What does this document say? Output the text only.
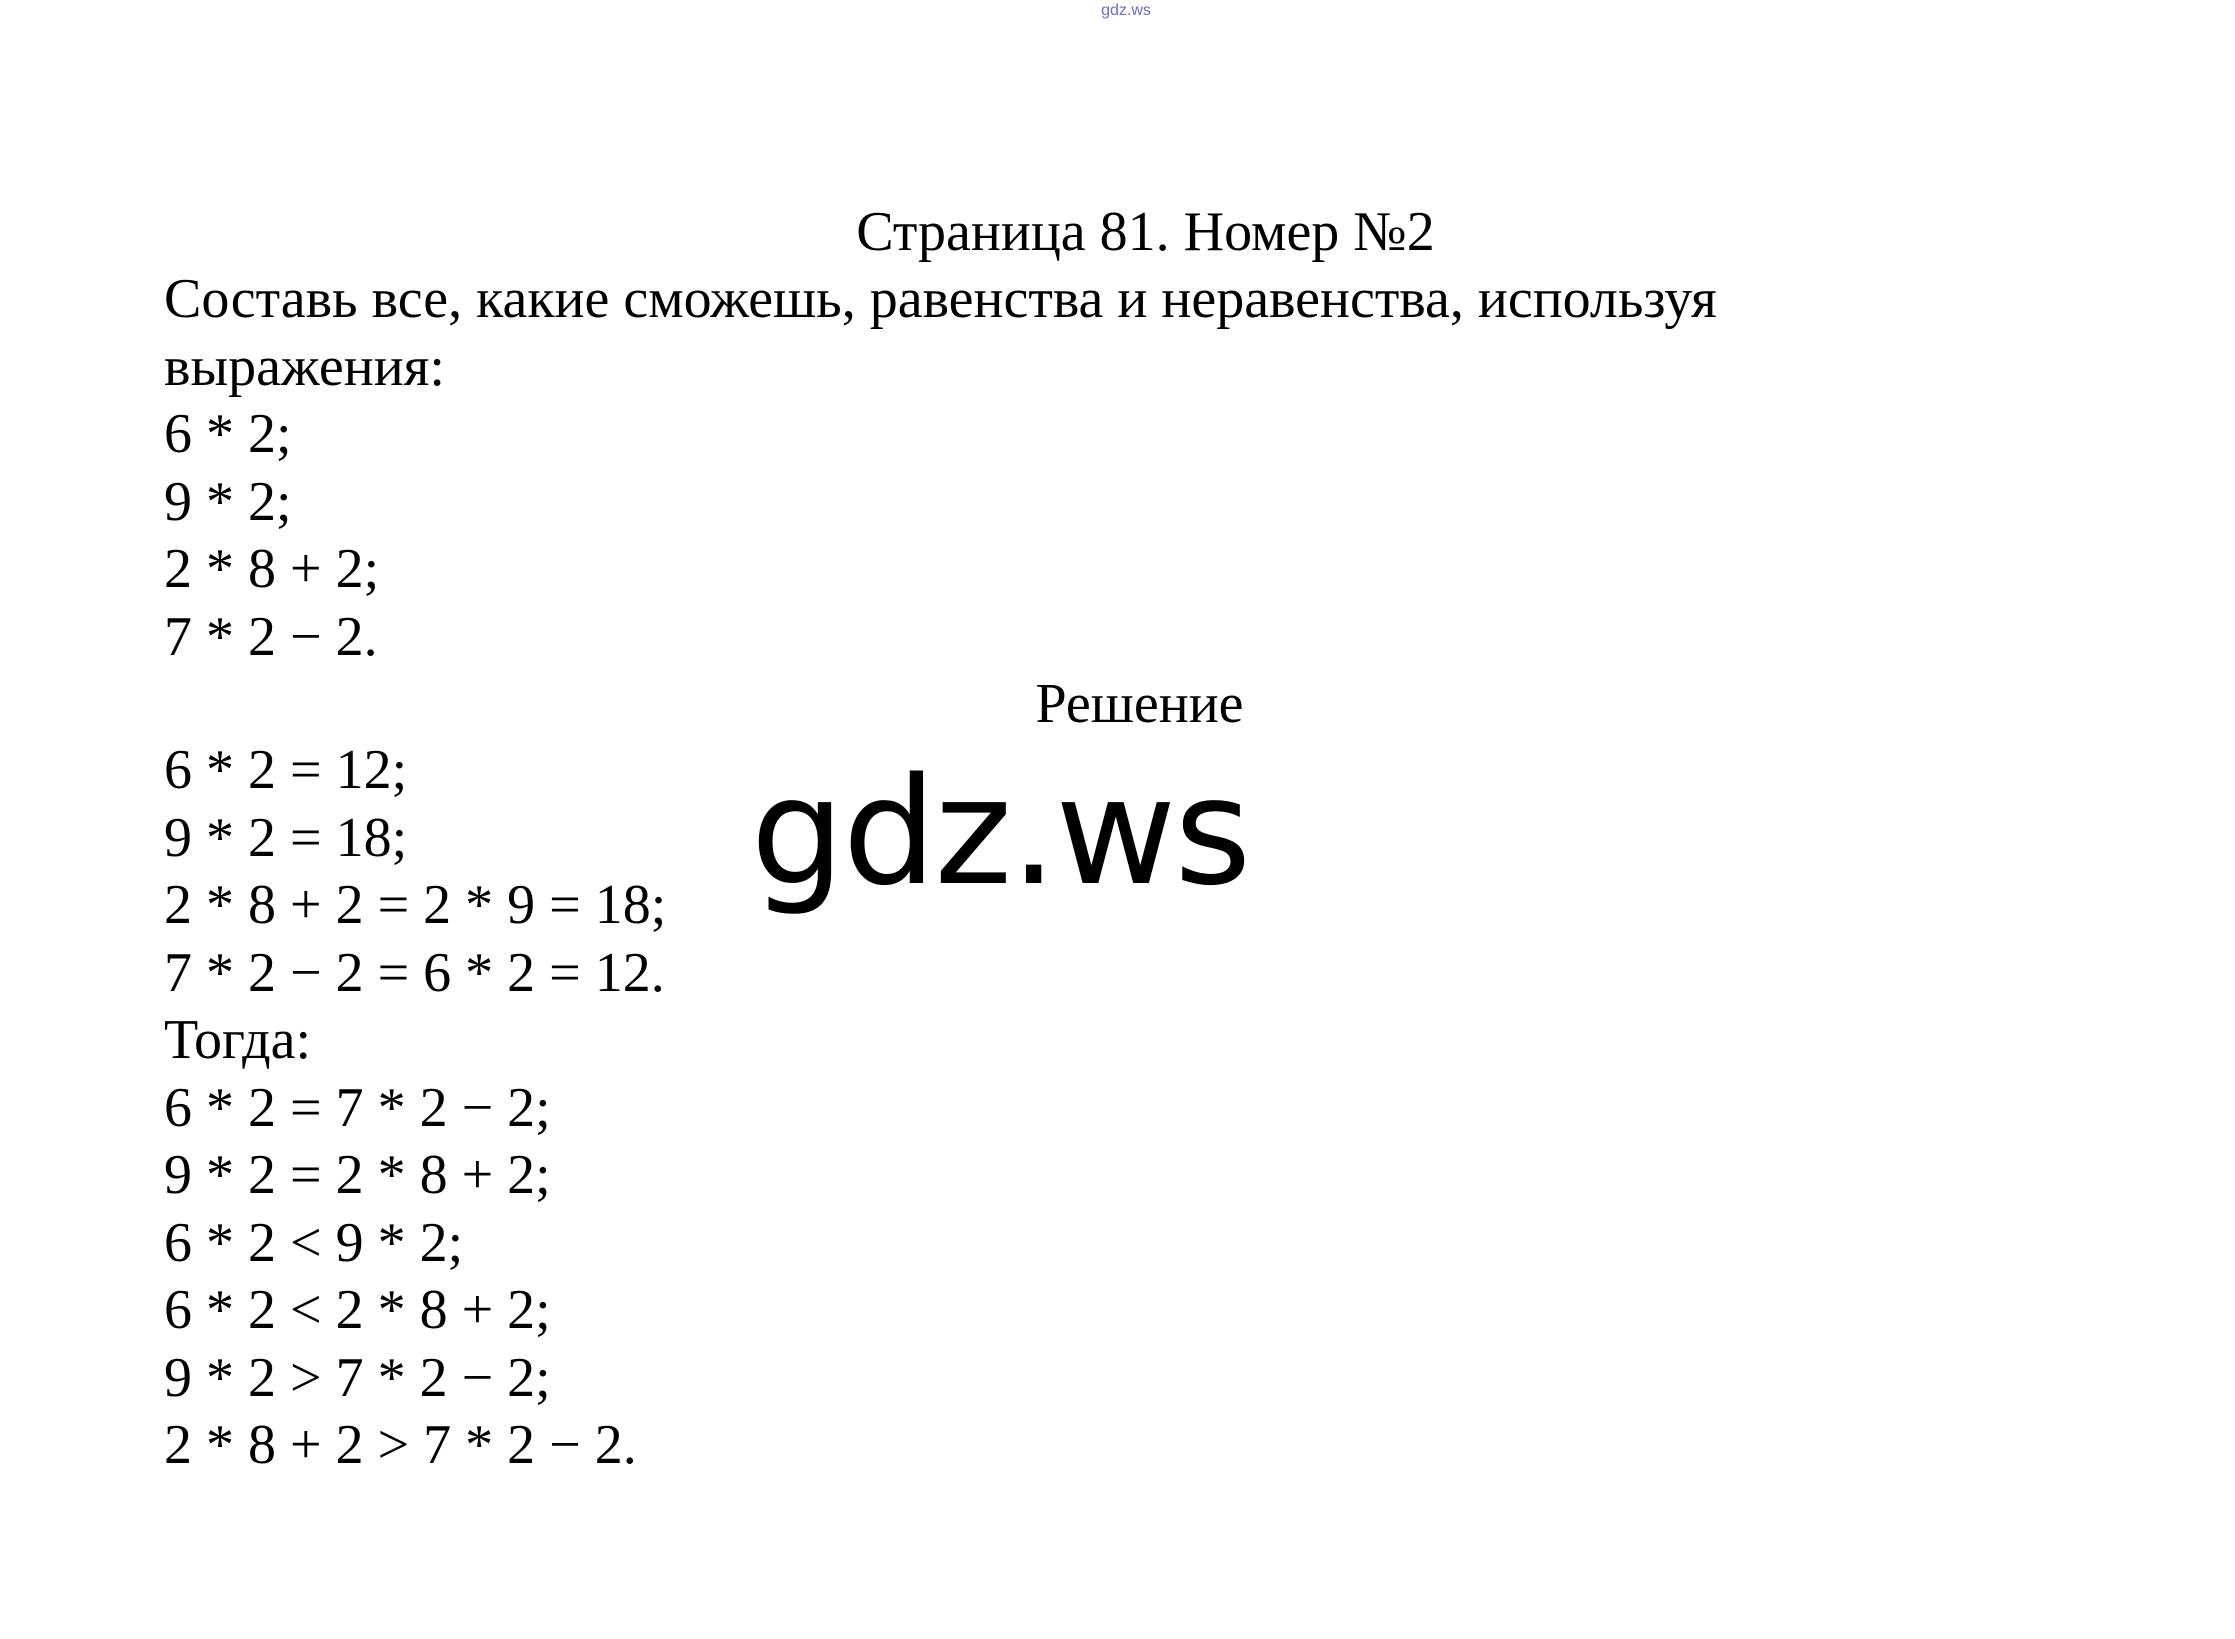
gdz.ws
Страница 81. Номер №2
Составь все, какие сможешь, равенства и неравенства, используя
выражения:
6 * 2;
9 * 2;
2 * 8 + 2;
7 * 2 − 2.
Решение
6 * 2 = 12;
9 * 2 = 18;
2 * 8 + 2 = 2 * 9 = 18;
7 * 2 − 2 = 6 * 2 = 12.
Тогда:
6 * 2 = 7 * 2 − 2;
9 * 2 = 2 * 8 + 2;
6 * 2 < 9 * 2;
6 * 2 < 2 * 8 + 2;
9 * 2 > 7 * 2 − 2;
2 * 8 + 2 > 7 * 2 − 2.
gdz.ws
